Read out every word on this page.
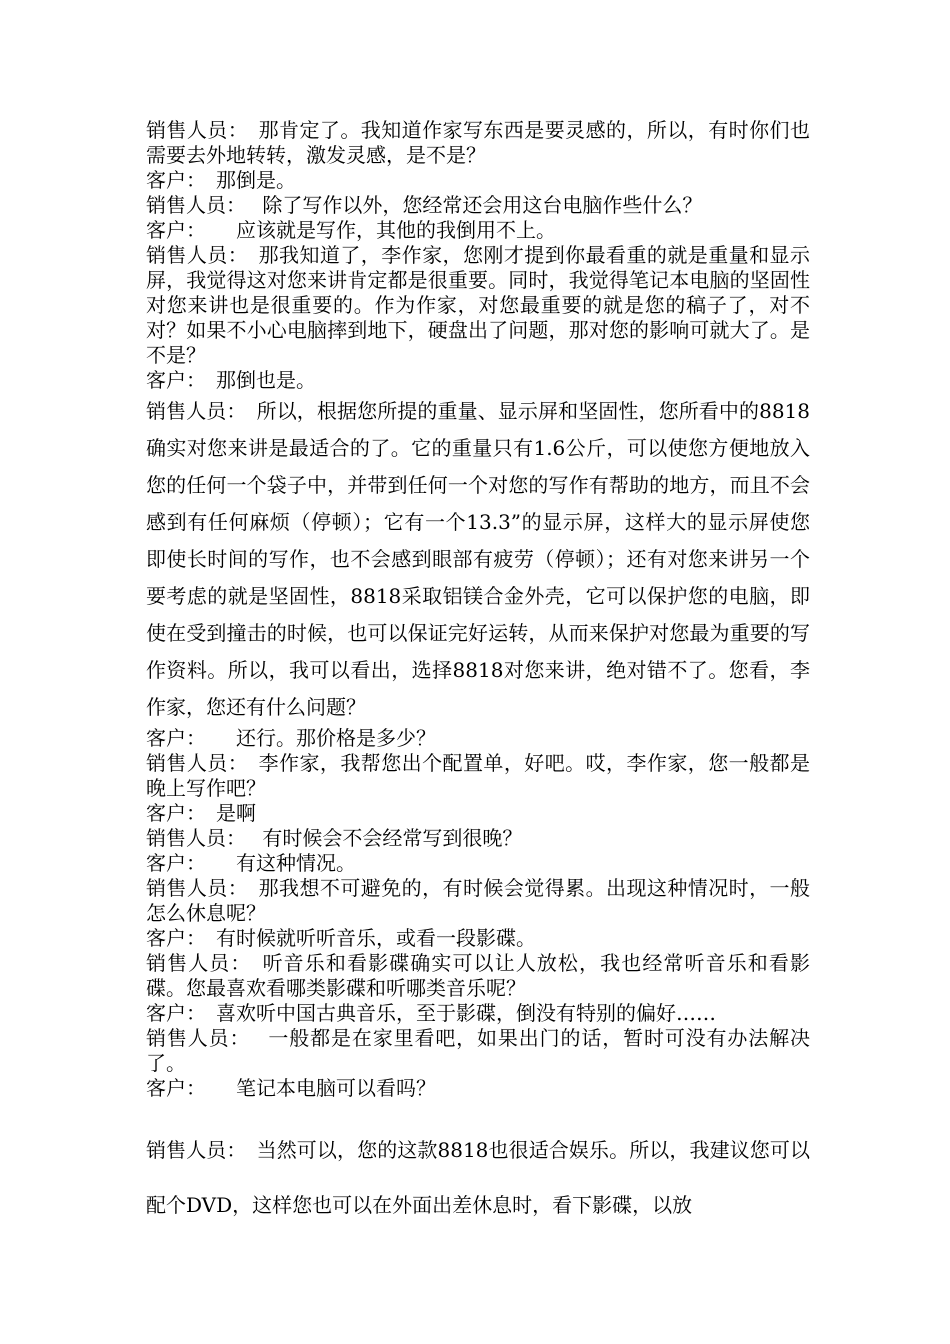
销售人员：　那肯定了。我知道作家写东西是要灵感的，所以，有时你们也需要去外地转转，激发灵感，是不是？

客户：　那倒是。

销售人员：　 除了写作以外，您经常还会用这台电脑作些什么？

客户：　　应该就是写作，其他的我倒用不上。

销售人员：　那我知道了，李作家，您刚才提到你最看重的就是重量和显示屏，我觉得这对您来讲肯定都是很重要。同时，我觉得笔记本电脑的坚固性对您来讲也是很重要的。作为作家，对您最重要的就是您的稿子了，对不对？如果不小心电脑摔到地下，硬盘出了问题，那对您的影响可就大了。是不是？

客户：　那倒也是。

销售人员：　所以，根据您所提的重量、显示屏和坚固性，您所看中的8818确实对您来讲是最适合的了。它的重量只有1.6公斤，可以使您方便地放入您的任何一个袋子中，并带到任何一个对您的写作有帮助的地方，而且不会感到有任何麻烦（停顿）；它有一个13.3”的显示屏，这样大的显示屏使您即使长时间的写作，也不会感到眼部有疲劳（停顿）；还有对您来讲另一个要考虑的就是坚固性，8818采取铝镁合金外壳，它可以保护您的电脑，即使在受到撞击的时候，也可以保证完好运转，从而来保护对您最为重要的写作资料。所以，我可以看出，选择8818对您来讲，绝对错不了。您看，李作家，您还有什么问题？

客户：　　还行。那价格是多少？

销售人员：　李作家，我帮您出个配置单，好吧。哎，李作家，您一般都是晚上写作吧？

客户：　是啊

销售人员：　 有时候会不会经常写到很晚？

客户：　　有这种情况。

销售人员：　那我想不可避免的，有时候会觉得累。出现这种情况时，一般怎么休息呢？

客户：　有时候就听听音乐，或看一段影碟。

销售人员：　听音乐和看影碟确实可以让人放松，我也经常听音乐和看影碟。您最喜欢看哪类影碟和听哪类音乐呢？

客户：　喜欢听中国古典音乐，至于影碟，倒没有特别的偏好……

销售人员：　 一般都是在家里看吧，如果出门的话，暂时可没有办法解决了。

客户：　　笔记本电脑可以看吗？

销售人员：　当然可以，您的这款8818也很适合娱乐。所以，我建议您可以配个DVD，这样您也可以在外面出差休息时，看下影碟，以放
